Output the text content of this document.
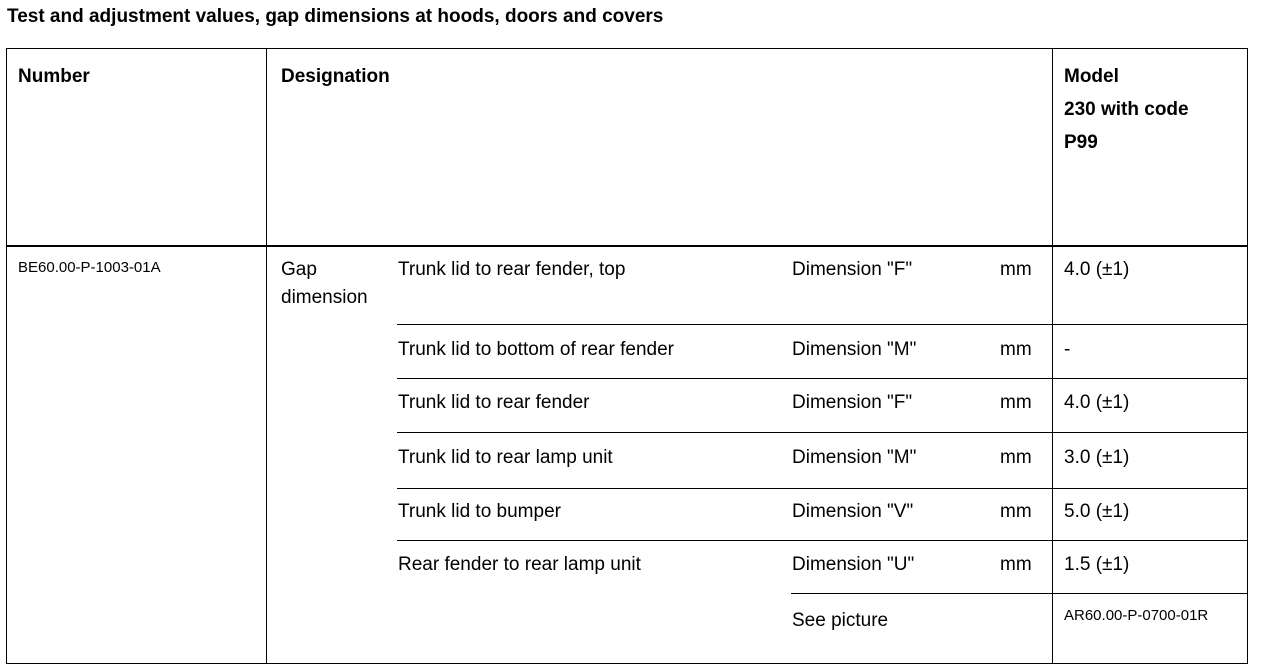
Test and adjustment values, gap dimensions at hoods, doors and covers
Number	Designation	Model
230 with code
P99
BE60.00-P-1003-01A	Gap
dimension
Trunk lid to rear fender, top	Dimension "F"	mm 4.0 (±1)
Trunk lid to bottom of rear fender	Dimension "M"	mm -
Trunk lid to rear fender	Dimension "F"	mm 4.0 (±1)
Trunk lid to rear lamp unit	Dimension "M"	mm 3.0 (±1)
Trunk lid to bumper	Dimension "V"	mm 5.0 (±1)
Rear fender to rear lamp unit	Dimension "U"	mm 1.5 (±1)
See picture	AR60.00-P-0700-01R
